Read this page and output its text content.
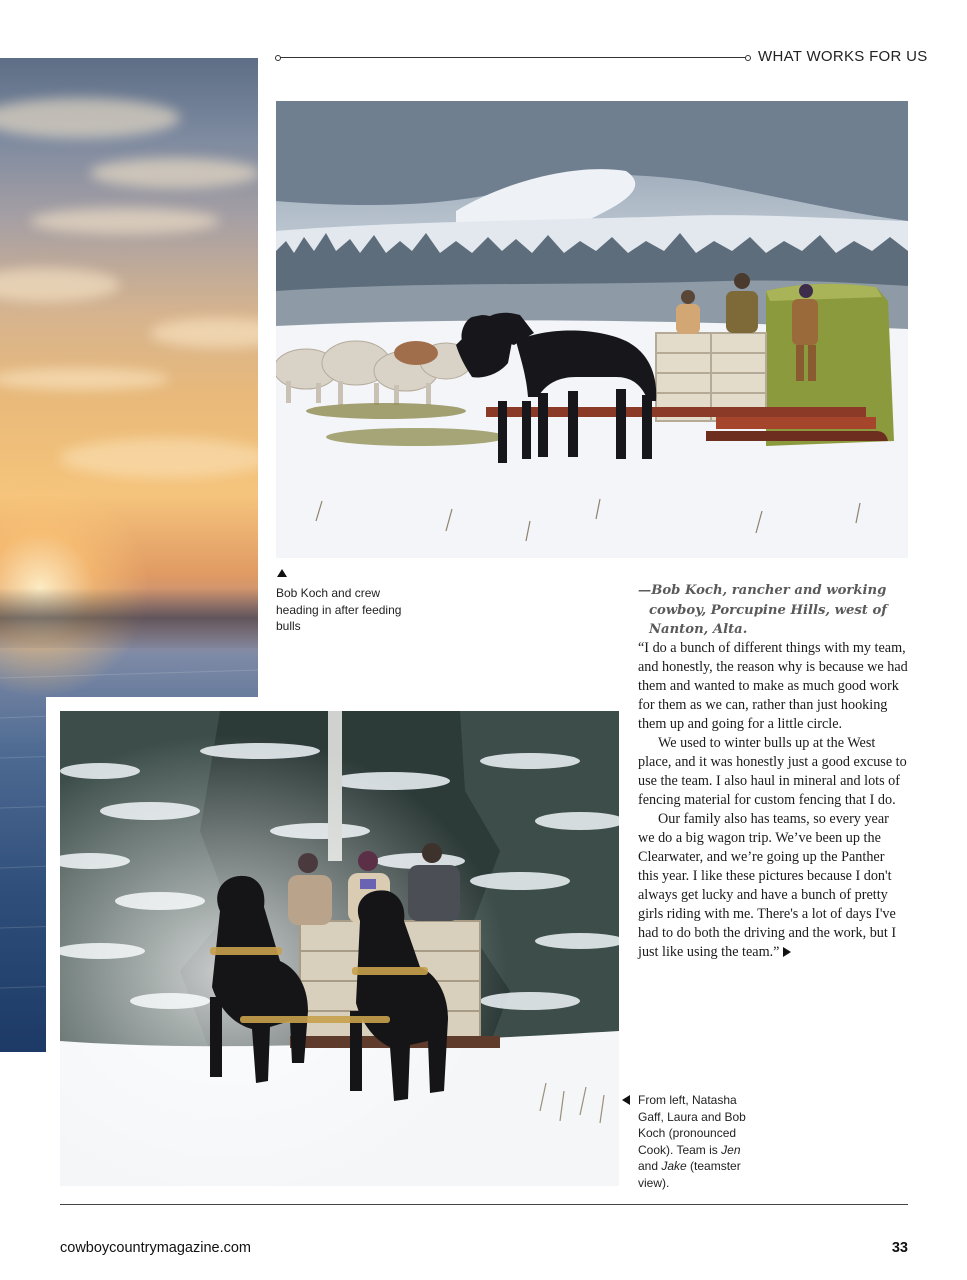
WHAT WORKS FOR US
Bob Koch and crew heading in after feeding bulls
From left, Natasha Gaff, Laura and Bob Koch (pronounced Cook). Team is Jen and Jake (teamster view).
—Bob Koch, rancher and working cowboy, Porcupine Hills, west of Nanton, Alta.

“I do a bunch of different things with my team, and honestly, the reason why is because we had them and wanted to make as much good work for them as we can, rather than just hooking them up and going for a little circle.

We used to winter bulls up at the West place, and it was honestly just a good excuse to use the team. I also haul in mineral and lots of fencing material for custom fencing that I do.

Our family also has teams, so every year we do a big wagon trip. We’ve been up the Clearwater, and we’re going up the Panther this year. I like these pictures because I don't always get lucky and have a bunch of pretty girls riding with me. There's a lot of days I've had to do both the driving and the work, but I just like using the team.”

cowboycountrymagazine.com	33
